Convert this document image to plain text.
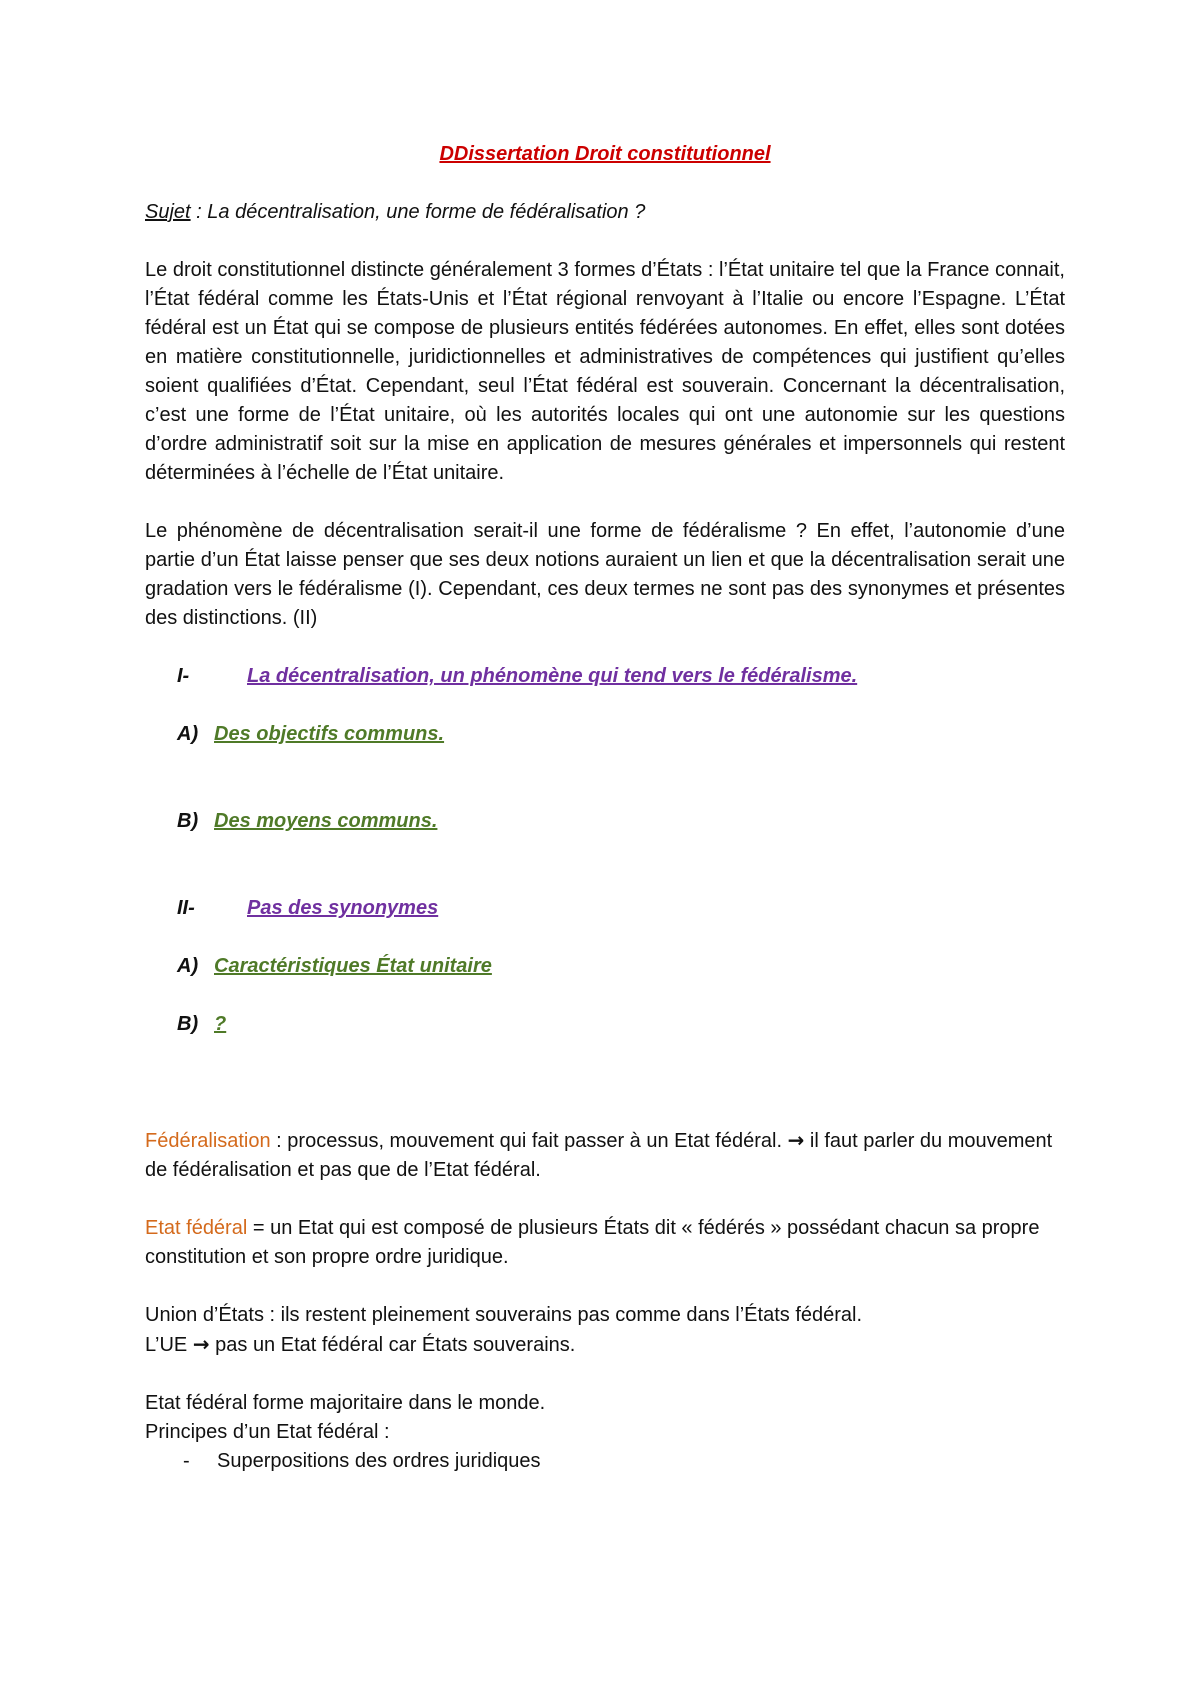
DDissertation Droit constitutionnel
Sujet : La décentralisation, une forme de fédéralisation ?

Le droit constitutionnel distincte généralement 3 formes d’États : l’État unitaire tel que la France connait, l’État fédéral comme les États-Unis et l’État régional renvoyant à l’Italie ou encore l’Espagne. L’État fédéral est un État qui se compose de plusieurs entités fédérées autonomes. En effet, elles sont dotées en matière constitutionnelle, juridictionnelles et administratives de compétences qui justifient qu’elles soient qualifiées d’État. Cependant, seul l’État fédéral est souverain. Concernant la décentralisation, c’est une forme de l’État unitaire, où les autorités locales qui ont une autonomie sur les questions d’ordre administratif soit sur la mise en application de mesures générales et impersonnels qui restent déterminées à l’échelle de l’État unitaire.

Le phénomène de décentralisation serait-il une forme de fédéralisme ? En effet, l’autonomie d’une partie d’un État laisse penser que ses deux notions auraient un lien et que la décentralisation serait une gradation vers le fédéralisme (I). Cependant, ces deux termes ne sont pas des synonymes et présentes des distinctions. (II)

I-	La décentralisation, un phénomène qui tend vers le fédéralisme.
A) Des objectifs communs.
B) Des moyens communs.
II-	Pas des synonymes
A) Caractéristiques État unitaire
B) ?

Fédéralisation : processus, mouvement qui fait passer à un Etat fédéral. → il faut parler du mouvement de fédéralisation et pas que de l’Etat fédéral.

Etat fédéral = un Etat qui est composé de plusieurs États dit « fédérés » possédant chacun sa propre constitution et son propre ordre juridique.

Union d’États : ils restent pleinement souverains pas comme dans l’États fédéral.
L’UE → pas un Etat fédéral car États souverains.
Etat fédéral forme majoritaire dans le monde.
Principes d’un Etat fédéral :
-	Superpositions des ordres juridiques
